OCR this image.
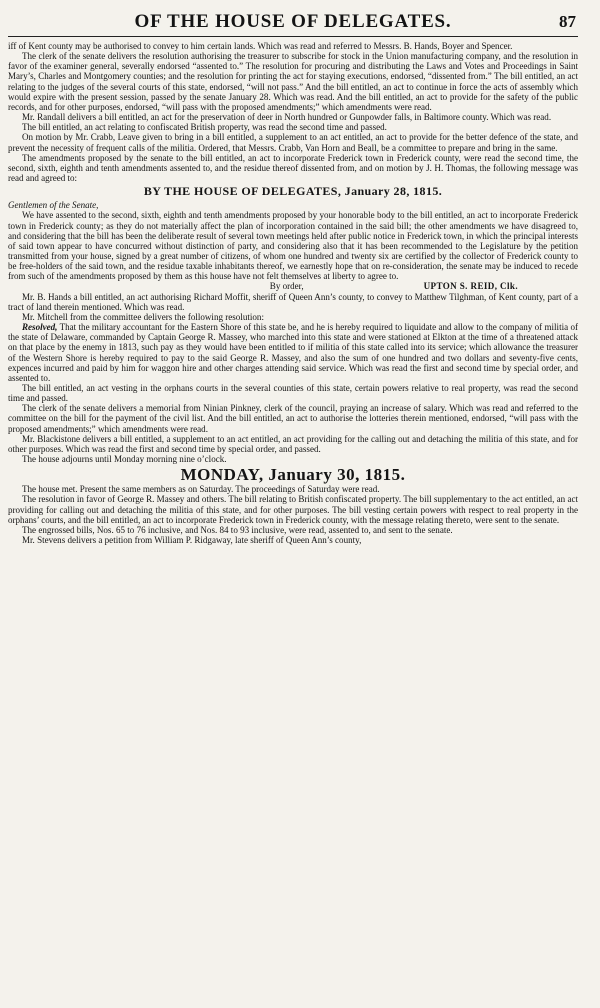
OF THE HOUSE OF DELEGATES.	87

iff of Kent county may be authorised to convey to him certain lands. Which was read and referred to Messrs. B. Hands, Boyer and Spencer.

The clerk of the senate delivers the resolution authorising the treasurer to subscribe for stock in the Union manufacturing company, and the resolution in favor of the examiner general, severally endorsed “assented to.” The resolution for procuring and distributing the Laws and Votes and Proceedings in Saint Mary’s, Charles and Montgomery counties; and the resolution for printing the act for staying executions, endorsed, “dissented from.” The bill entitled, an act relating to the judges of the several courts of this state, endorsed, “will not pass.” And the bill entitled, an act to continue in force the acts of assembly which would expire with the present session, passed by the senate January 28. Which was read. And the bill entitled, an act to provide for the safety of the public records, and for other purposes, endorsed, “will pass with the proposed amendments;” which amendments were read.

Mr. Randall delivers a bill entitled, an act for the preservation of deer in North hundred or Gunpowder falls, in Baltimore county. Which was read.

The bill entitled, an act relating to confiscated British property, was read the second time and passed.

On motion by Mr. Crabb, Leave given to bring in a bill entitled, a supplement to an act entitled, an act to provide for the better defence of the state, and prevent the necessity of frequent calls of the militia. Ordered, that Messrs. Crabb, Van Horn and Beall, be a committee to prepare and bring in the same.

The amendments proposed by the senate to the bill entitled, an act to incorporate Frederick town in Frederick county, were read the second time, the second, sixth, eighth and tenth amendments assented to, and the residue thereof dissented from, and on motion by J. H. Thomas, the following message was read and agreed to:

BY THE HOUSE OF DELEGATES, January 28, 1815.

Gentlemen of the Senate,

We have assented to the second, sixth, eighth and tenth amendments proposed by your honorable body to the bill entitled, an act to incorporate Frederick town in Frederick county; as they do not materially affect the plan of incorporation contained in the said bill; the other amendments we have disagreed to, and considering that the bill has been the deliberate result of several town meetings held after public notice in Frederick town, in which the principal interests of said town appear to have concurred without distinction of party, and considering also that it has been recommended to the Legislature by the petition transmitted from your house, signed by a great number of citizens, of whom one hundred and twenty six are certified by the collector of Frederick county to be free-holders of the said town, and the residue taxable inhabitants thereof, we earnestly hope that on re-consideration, the senate may be induced to recede from such of the amendments proposed by them as this house have not felt themselves at liberty to agree to.

By order,	UPTON S. REID, Clk.

Mr. B. Hands a bill entitled, an act authorising Richard Moffit, sheriff of Queen Ann’s county, to convey to Matthew Tilghman, of Kent county, part of a tract of land therein mentioned. Which was read.

Mr. Mitchell from the committee delivers the following resolution:

Resolved, That the military accountant for the Eastern Shore of this state be, and he is hereby required to liquidate and allow to the company of militia of the state of Delaware, commanded by Captain George R. Massey, who marched into this state and were stationed at Elkton at the time of a threatened attack on that place by the enemy in 1813, such pay as they would have been entitled to if militia of this state called into its service; which allowance the treasurer of the Western Shore is hereby required to pay to the said George R. Massey, and also the sum of one hundred and two dollars and seventy-five cents, expences incurred and paid by him for waggon hire and other charges attending said service. Which was read the first and second time by special order, and assented to.

The bill entitled, an act vesting in the orphans courts in the several counties of this state, certain powers relative to real property, was read the second time and passed.

The clerk of the senate delivers a memorial from Ninian Pinkney, clerk of the council, praying an increase of salary. Which was read and referred to the committee on the bill for the payment of the civil list. And the bill entitled, an act to authorise the lotteries therein mentioned, endorsed, “will pass with the proposed amendments;” which amendments were read.

Mr. Blackistone delivers a bill entitled, a supplement to an act entitled, an act providing for the calling out and detaching the militia of this state, and for other purposes. Which was read the first and second time by special order, and passed.

The house adjourns until Monday morning nine o’clock.

MONDAY, January 30, 1815.

The house met. Present the same members as on Saturday. The proceedings of Saturday were read.

The resolution in favor of George R. Massey and others. The bill relating to British confiscated property. The bill supplementary to the act entitled, an act providing for calling out and detaching the militia of this state, and for other purposes. The bill vesting certain powers with respect to real property in the orphans’ courts, and the bill entitled, an act to incorporate Frederick town in Frederick county, with the message relating thereto, were sent to the senate.

The engrossed bills, Nos. 65 to 76 inclusive, and Nos. 84 to 93 inclusive, were read, assented to, and sent to the senate.

Mr. Stevens delivers a petition from William P. Ridgaway, late sheriff of Queen Ann’s county,
